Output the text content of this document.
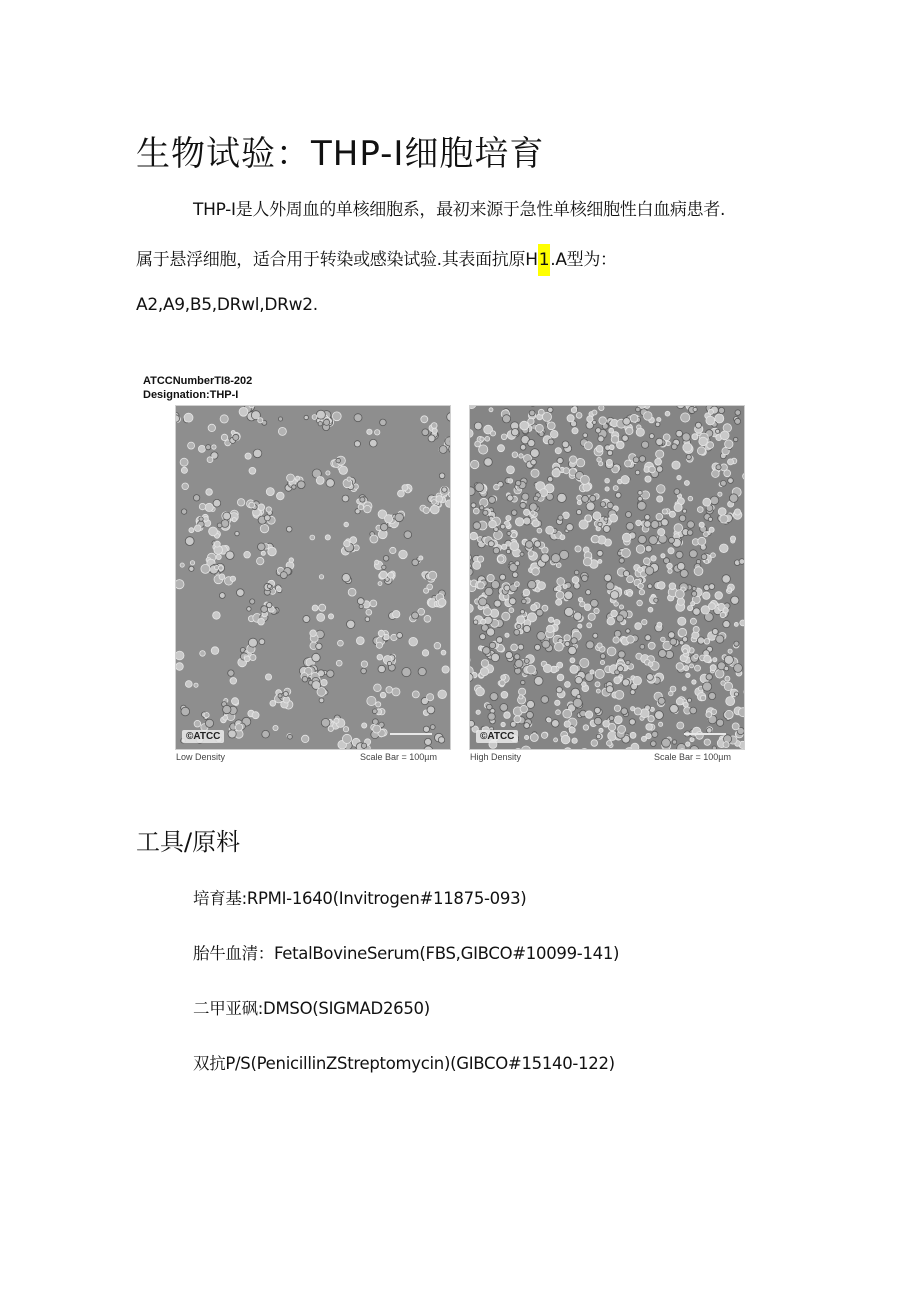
生物试验：THP-I细胞培育
THP-I是人外周血的单核细胞系，最初来源于急性单核细胞性白血病患者.
属于悬浮细胞，适合用于转染或感染试验.其表面抗原H1.A型为：
A2,A9,B5,DRwl,DRw2.
ATCCNumberTI8-202
Designation:THP-I
©ATCC	©ATCC
Low Density	Scale Bar = 100µm	High Density	Scale Bar = 100µm
工具/原料
培育基:RPMI-1640(Invitrogen#11875-093)
胎牛血清：FetalBovineSerum(FBS,GIBCO#10099-141)
二甲亚砜:DMSO(SIGMAD2650)
双抗P/S(PenicillinZStreptomycin)(GIBCO#15140-122)
